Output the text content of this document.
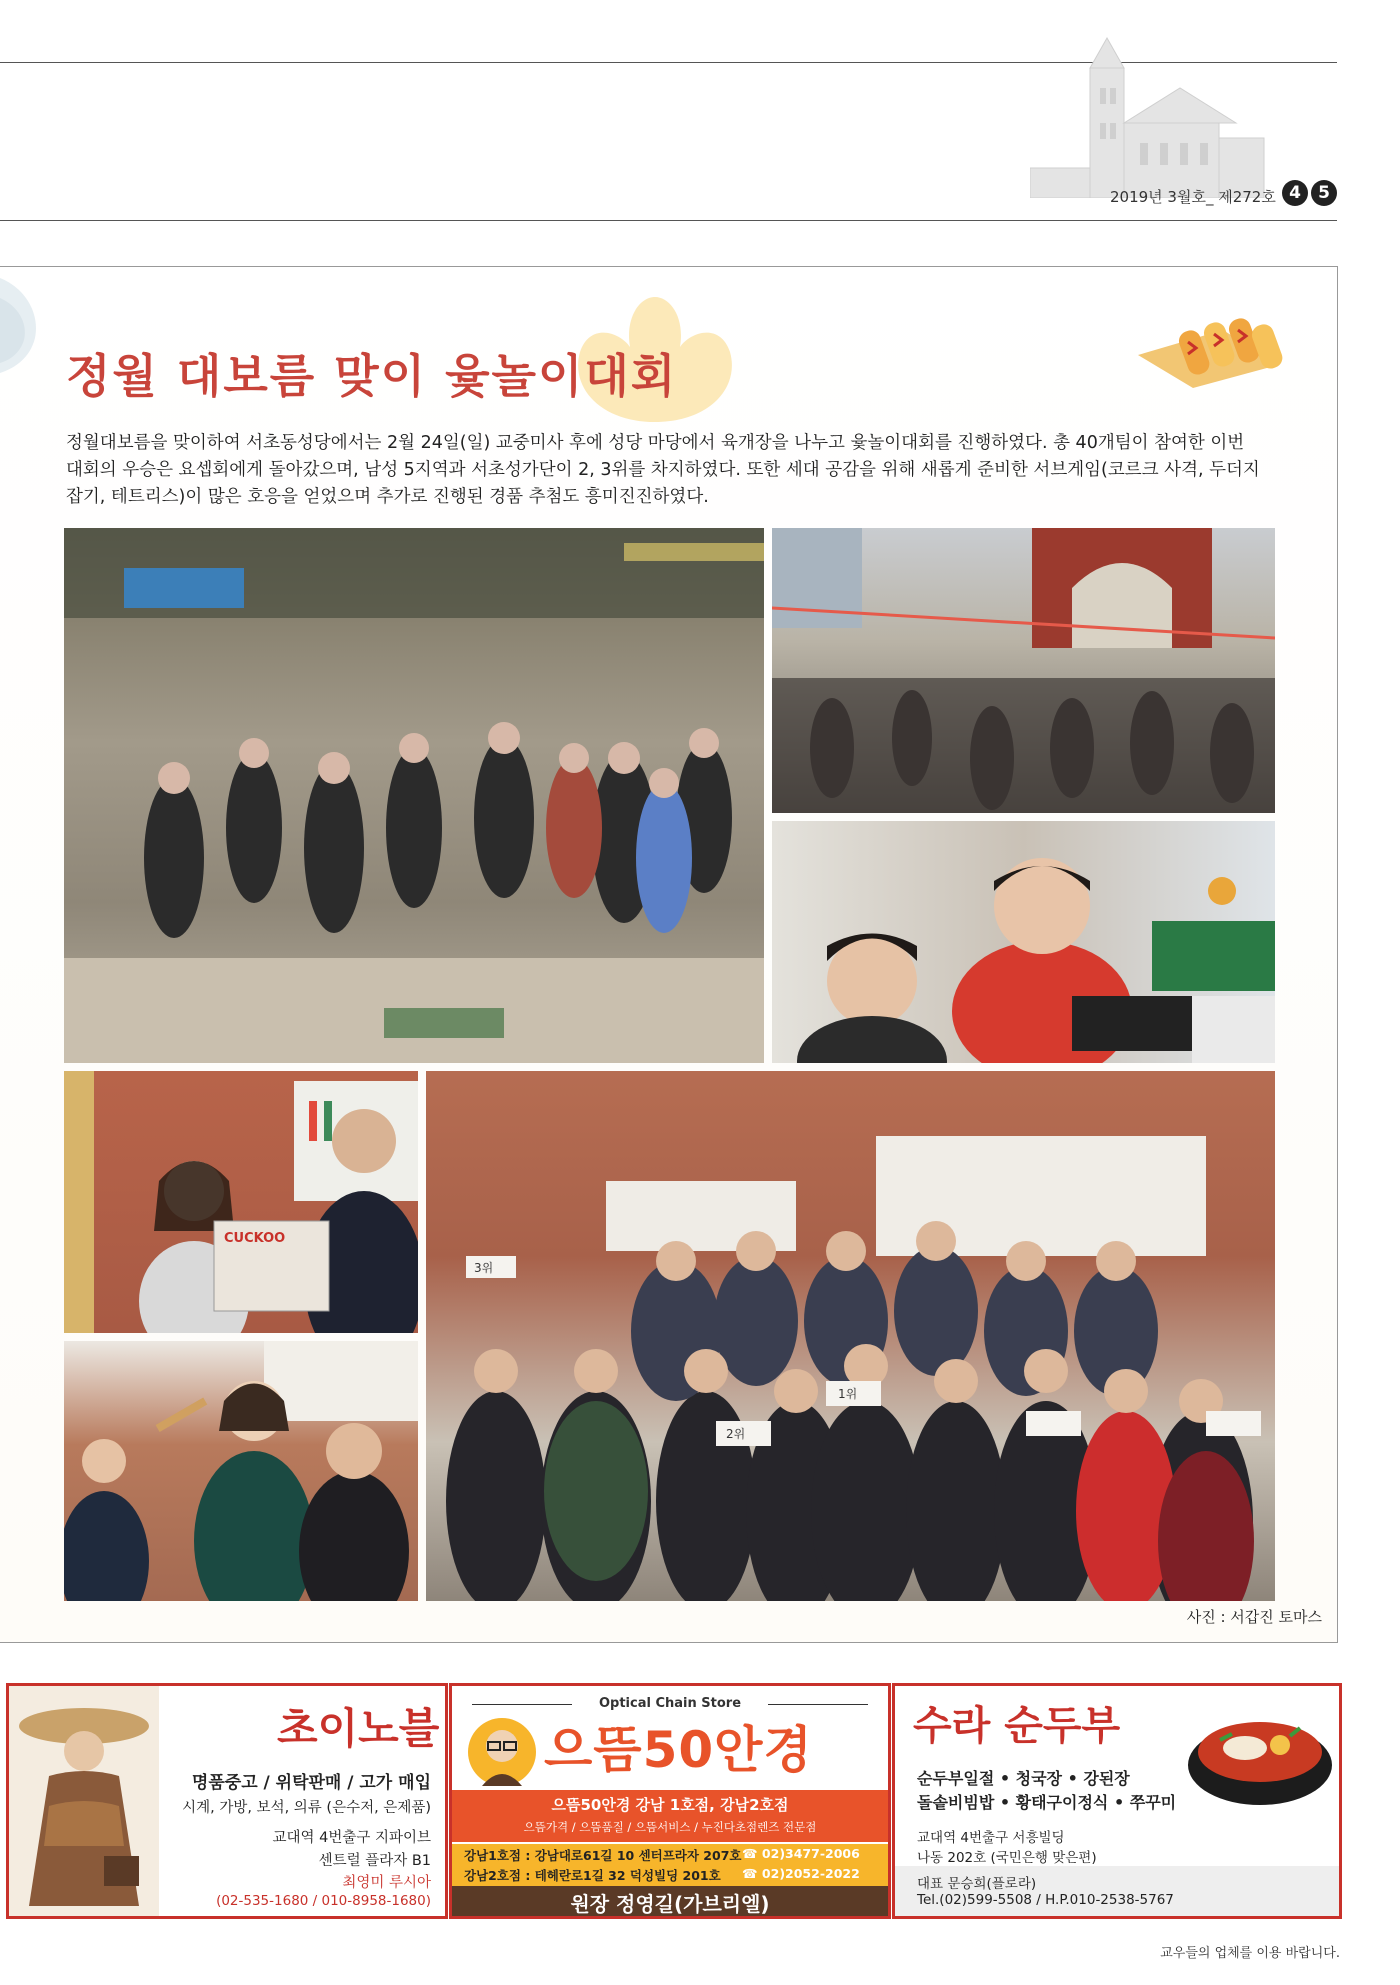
2019년 3월호_ 제272호 4	5
정월 대보름 맞이 윷놀이대회
정월대보름을 맞이하여 서초동성당에서는 2월 24일(일) 교중미사 후에 성당 마당에서 육개장을 나누고 윷놀이대회를 진행하였다. 총 40개팀이 참여한 이번 대회의 우승은 요셉회에게 돌아갔으며, 남성 5지역과 서초성가단이 2, 3위를 차지하였다. 또한 세대 공감을 위해 새롭게 준비한 서브게임(코르크 사격, 두더지 잡기, 테트리스)이 많은 호응을 얻었으며 추가로 진행된 경품 추첨도 흥미진진하였다.
CUCKOO
3위
2위
1위
사진 : 서갑진 토마스
초이노블
명품중고 / 위탁판매 / 고가 매입
시계, 가방, 보석, 의류 (은수저, 은제품)
교대역 4번출구 지파이브
센트럴 플라자 B1
최영미 루시아
(02-535-1680 / 010-8958-1680)
Optical Chain Store
으뜸50안경
으뜸50안경 강남 1호점, 강남2호점
으뜸가격 / 으뜸품질 / 으뜸서비스 / 누진다초점렌즈 전문점
강남1호점 : 강남대로61길 10 센터프라자 207호 ☎ 02)3477-2006
강남2호점 : 테헤란로1길 32 덕성빌딩 201호 ☎ 02)2052-2022
원장 정영길(가브리엘)
수라 순두부
순두부일절 • 청국장 • 강된장
돌솥비빔밥 • 황태구이정식 • 쭈꾸미
교대역 4번출구 서흥빌딩
나동 202호 (국민은행 맞은편)
대표 문승희(플로라)
Tel.(02)599-5508 / H.P.010-2538-5767
교우들의 업체를 이용 바랍니다.
